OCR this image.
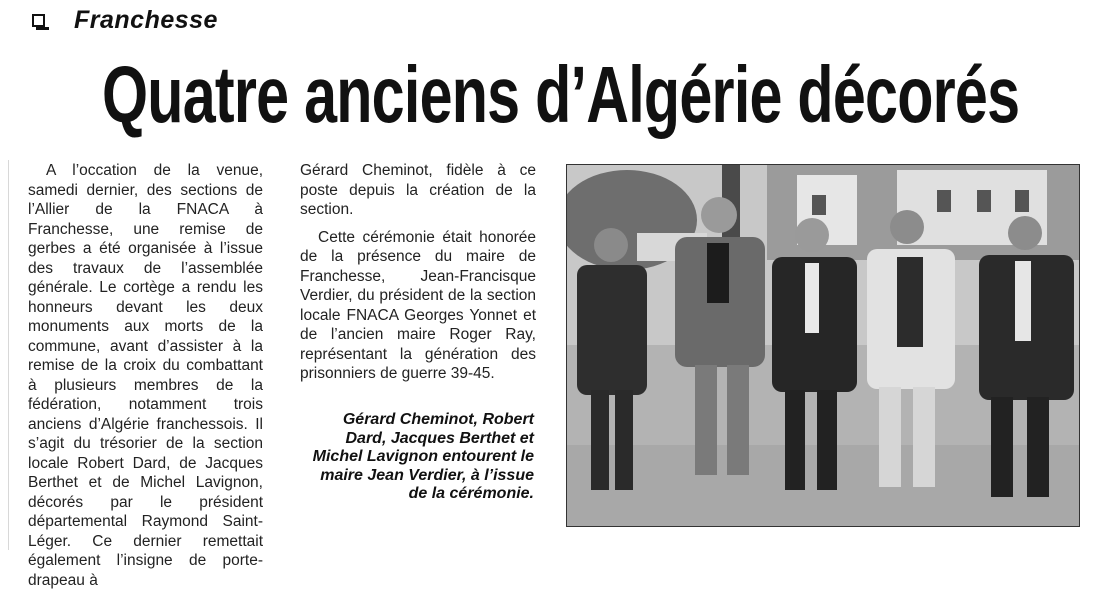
Franchesse
Quatre anciens d’Algérie décorés

A l’occation de la venue, samedi dernier, des sections de l’Allier de la FNACA à Franchesse, une remise de gerbes a été organisée à l’issue des travaux de l’assemblée générale. Le cortège a rendu les honneurs devant les deux monuments aux morts de la commune, avant d’assister à la remise de la croix du combattant à plusieurs membres de la fédération, notamment trois anciens d’Algérie franchessois. Il s’agit du trésorier de la section locale Robert Dard, de Jacques Berthet et de Michel Lavignon, décorés par le président départemental Raymond Saint-Léger. Ce dernier remettait également l’insigne de porte-drapeau à

Gérard Cheminot, fidèle à ce poste depuis la création de la section.

Cette cérémonie était honorée de la présence du maire de Franchesse, Jean-Francisque Verdier, du président de la section locale FNACA Georges Yonnet et de l’ancien maire Roger Ray, représentant la génération des prisonniers de guerre 39-45.

Gérard Cheminot, Robert Dard, Jacques Berthet et Michel Lavignon entourent le maire Jean Verdier, à l’issue de la cérémonie.
